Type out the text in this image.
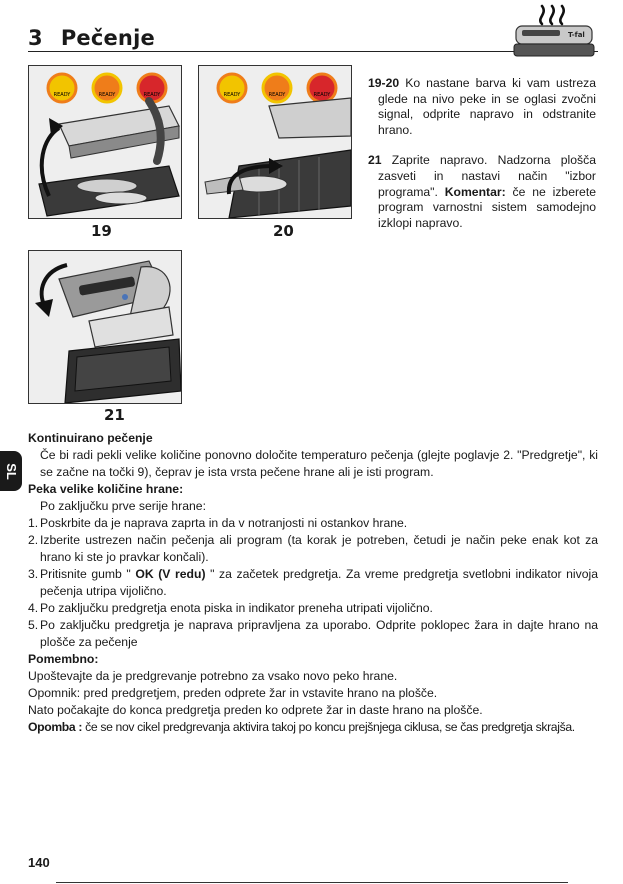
3 Pečenje	T-fal
READY	READY	READY
19
READY	READY	READY
20
21

19-20 Ko nastane barva ki vam ustreza glede na nivo peke in se oglasi zvočni signal, odprite napravo in odstranite hrano.

21 Zaprite napravo. Nadzorna plošča zasveti in nastavi način "izbor programa". Komentar: če ne izberete program varnostni sistem samodejno izklopi napravo.

SL
Kontinuirano pečenje
Če bi radi pekli velike količine ponovno določite temperaturo pečenja (glejte poglavje 2. "Predgretje", ki se začne na točki 9), čeprav je ista vrsta pečene hrane ali je isti program.
Peka velike količine hrane:
Po zaključku prve serije hrane:
1. Poskrbite da je naprava zaprta in da v notranjosti ni ostankov hrane.
2. Izberite ustrezen način pečenja ali program (ta korak je potreben, četudi je način peke enak kot za hrano ki ste jo pravkar končali).
3. Pritisnite gumb " OK (V redu) " za začetek predgretja. Za vreme predgretja svetlobni indikator nivoja pečenja utripa vijolično.
4. Po zaključku predgretja enota piska in indikator preneha utripati vijolično.
5. Po zaključku predgretja je naprava pripravljena za uporabo. Odprite poklopec žara in dajte hrano na plošče za pečenje
Pomembno:
Upoštevajte da je predgrevanje potrebno za vsako novo peko hrane.
Opomnik: pred predgretjem, preden odprete žar in vstavite hrano na plošče.
Nato počakajte do konca predgretja preden ko odprete žar in daste hrano na plošče.
Opomba : če se nov cikel predgrevanja aktivira takoj po koncu prejšnjega ciklusa, se čas predgretja skrajša.
140
